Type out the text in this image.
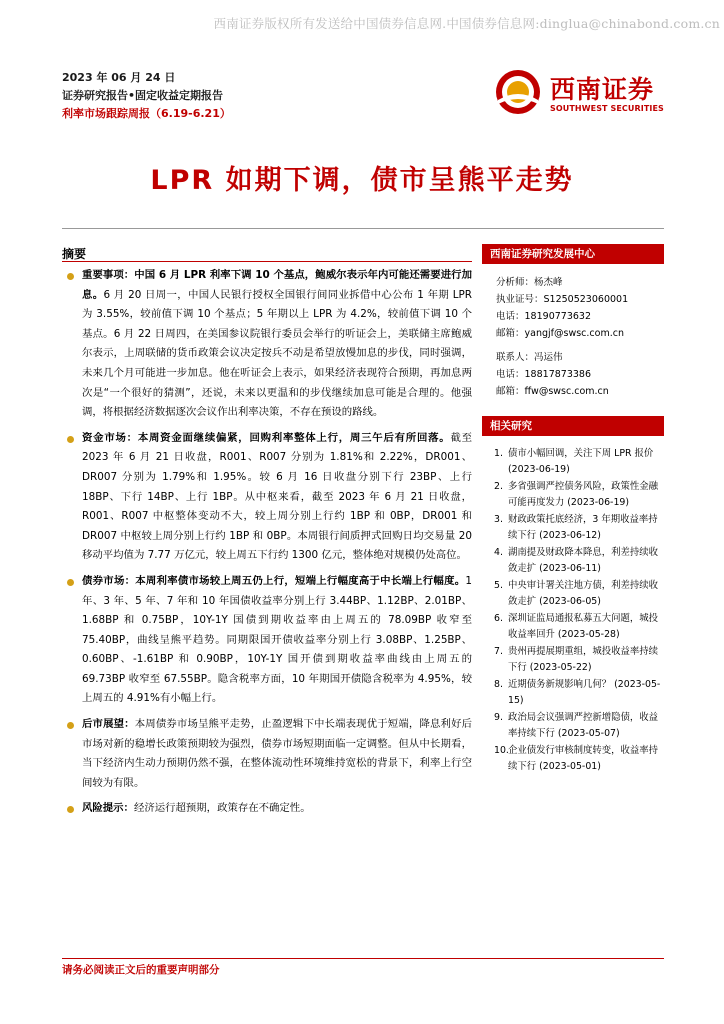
西南证券版权所有发送给中国债券信息网.中国债券信息网:dinglua@chinabond.com.cn
2023 年 06 月 24 日
证券研究报告•固定收益定期报告
利率市场跟踪周报（6.19-6.21）
西南证券
SOUTHWEST SECURITIES
LPR 如期下调，债市呈熊平走势
摘要

重要事项：中国 6 月 LPR 利率下调 10 个基点，鲍威尔表示年内可能还需要进行加息。6 月 20 日周一，中国人民银行授权全国银行间同业拆借中心公布 1 年期 LPR 为 3.55%，较前值下调 10 个基点；5 年期以上 LPR 为 4.2%，较前值下调 10 个基点。6 月 22 日周四，在美国参议院银行委员会举行的听证会上，美联储主席鲍威尔表示，上周联储的货币政策会议决定按兵不动是希望放慢加息的步伐，同时强调，未来几个月可能进一步加息。他在听证会上表示，如果经济表现符合预期，再加息两次是“一个很好的猜测”，还说，未来以更温和的步伐继续加息可能是合理的。他强调，将根据经济数据逐次会议作出利率决策，不存在预设的路线。

资金市场：本周资金面继续偏紧，回购利率整体上行，周三午后有所回落。截至 2023 年 6 月 21 日收盘，R001、R007 分别为 1.81%和 2.22%，DR001、DR007 分别为 1.79%和 1.95%。较 6 月 16 日收盘分别下行 23BP、上行 18BP、下行 14BP、上行 1BP。从中枢来看，截至 2023 年 6 月 21 日收盘，R001、R007 中枢整体变动不大，较上周分别上行约 1BP 和 0BP，DR001 和 DR007 中枢较上周分别上行约 1BP 和 0BP。本周银行间质押式回购日均交易量 20 移动平均值为 7.77 万亿元，较上周五下行约 1300 亿元，整体绝对规模仍处高位。

债券市场：本周利率债市场较上周五仍上行，短端上行幅度高于中长端上行幅度。1 年、3 年、5 年、7 年和 10 年国债收益率分别上行 3.44BP、1.12BP、2.01BP、1.68BP 和 0.75BP，10Y-1Y 国债到期收益率由上周五的 78.09BP 收窄至 75.40BP，曲线呈熊平趋势。同期限国开债收益率分别上行 3.08BP、1.25BP、0.60BP、-1.61BP 和 0.90BP，10Y-1Y 国开债到期收益率曲线由上周五的 69.73BP 收窄至 67.55BP。隐含税率方面，10 年期国开债隐含税率为 4.95%，较上周五的 4.91%有小幅上行。

后市展望：本周债券市场呈熊平走势，止盈逻辑下中长端表现优于短端，降息利好后市场对新的稳增长政策预期较为强烈，债券市场短期面临一定调整。但从中长期看，当下经济内生动力预期仍然不强，在整体流动性环境维持宽松的背景下，利率上行空间较为有限。

风险提示：经济运行超预期，政策存在不确定性。

西南证券研究发展中心
分析师：杨杰峰
执业证号：S1250523060001
电话：18190773632
邮箱：yangjf@swsc.com.cn
联系人：冯运伟
电话：18817873386
邮箱：ffw@swsc.com.cn
相关研究
1. 债市小幅回调，关注下周 LPR 报价 (2023-06-19)
2. 多省强调严控债务风险，政策性金融可能再度发力 (2023-06-19)
3. 财政政策托底经济，3 年期收益率持续下行 (2023-06-12)
4. 湖南提及财政降本降息，利差持续收敛走扩 (2023-06-11)
5. 中央审计署关注地方债，利差持续收敛走扩 (2023-06-05)
6. 深圳证监局通报私募五大问题，城投收益率回升 (2023-05-28)
7. 贵州再提展期重组，城投收益率持续下行 (2023-05-22)
8. 近期债务新规影响几何？ (2023-05-15)
9. 政治局会议强调严控新增隐债，收益率持续下行 (2023-05-07)
10. 企业债发行审核制度转变，收益率持续下行 (2023-05-01)
请务必阅读正文后的重要声明部分
